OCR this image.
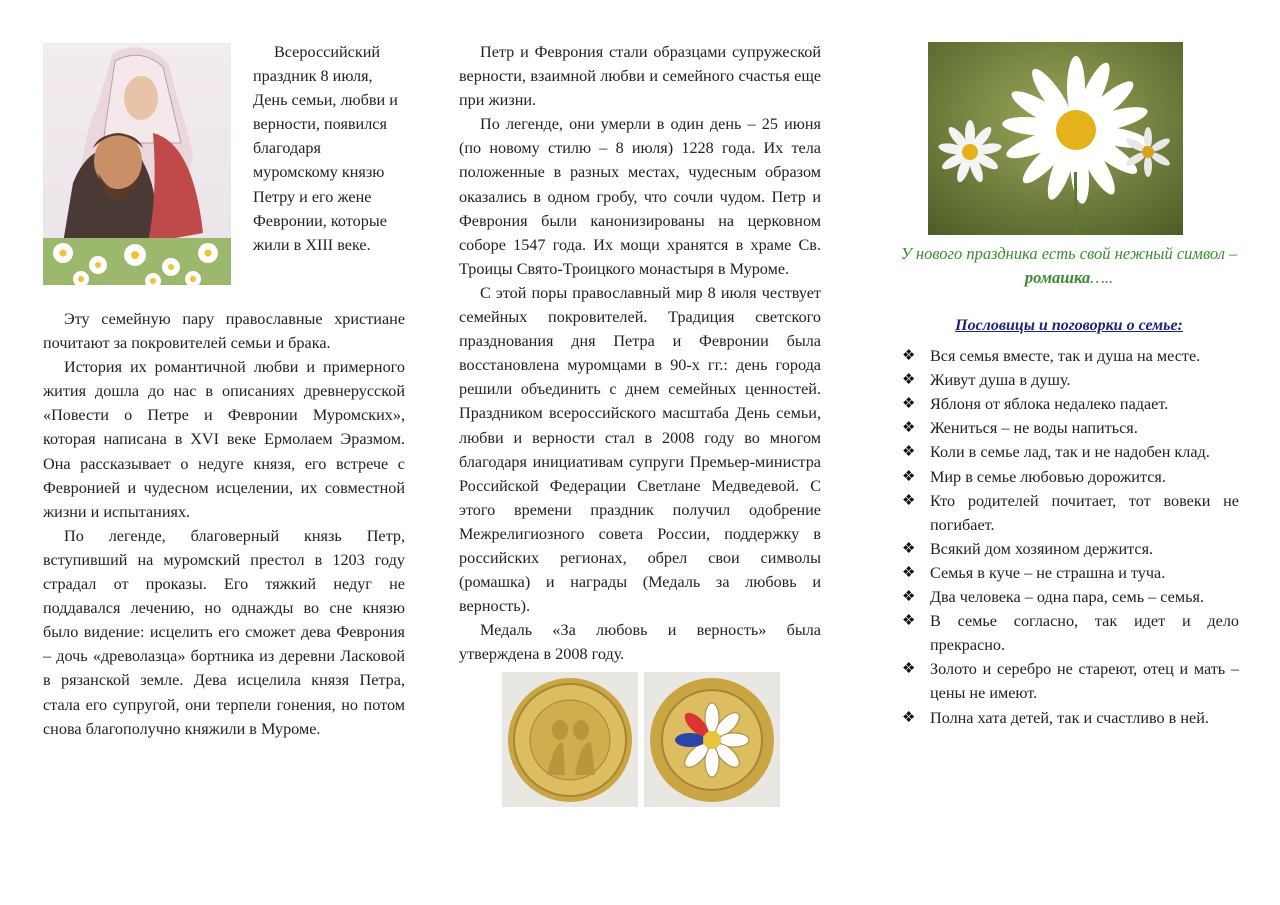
Всероссийский праздник 8 июля, День семьи, любви и верности, появился благодаря муромскому князю Петру и его жене Февронии, которые жили в XIII веке.

Эту семейную пару православные христиане почитают за покровителей семьи и брака.

История их романтичной любви и примерного жития дошла до нас в описаниях древнерусской «Повести о Петре и Февронии Муромских», которая написана в XVI веке Ермолаем Эразмом. Она рассказывает о недуге князя, его встрече с Февронией и чудесном исцелении, их совместной жизни и испытаниях.

По легенде, благоверный князь Петр, вступивший на муромский престол в 1203 году страдал от проказы. Его тяжкий недуг не поддавался лечению, но однажды во сне князю было видение: исцелить его сможет дева Феврония – дочь «древолазца» бортника из деревни Ласковой в рязанской земле. Дева исцелила князя Петра, стала его супругой, они терпели гонения, но потом снова благополучно княжили в Муроме.

Петр и Феврония стали образцами супружеской верности, взаимной любви и семейного счастья еще при жизни.

По легенде, они умерли в один день – 25 июня (по новому стилю – 8 июля) 1228 года. Их тела положенные в разных местах, чудесным образом оказались в одном гробу, что сочли чудом. Петр и Феврония были канонизированы на церковном соборе 1547 года. Их мощи хранятся в храме Св. Троицы Свято-Троицкого монастыря в Муроме.

С этой поры православный мир 8 июля чествует семейных покровителей. Традиция светского празднования дня Петра и Февронии была восстановлена муромцами в 90-х гг.: день города решили объединить с днем семейных ценностей. Праздником всероссийского масштаба День семьи, любви и верности стал в 2008 году во многом благодаря инициативам супруги Премьер-министра Российской Федерации Светлане Медведевой. С этого времени праздник получил одобрение Межрелигиозного совета России, поддержку в российских регионах, обрел свои символы (ромашка) и награды (Медаль за любовь и верность).

Медаль «За любовь и верность» была утверждена в 2008 году.

У нового праздника есть свой нежный символ – ромашка…..
Пословицы и поговорки о семье:
❖ Вся семья вместе, так и душа на месте.
❖ Живут душа в душу.
❖ Яблоня от яблока недалеко падает.
❖ Жениться – не воды напиться.
❖ Коли в семье лад, так и не надобен клад.
❖ Мир в семье любовью дорожится.
❖ Кто родителей почитает, тот вовеки не погибает.
❖ Всякий дом хозяином держится.
❖ Семья в куче – не страшна и туча.
❖ Два человека – одна пара, семь – семья.
❖ В семье согласно, так идет и дело прекрасно.
❖ Золото и серебро не стареют, отец и мать – цены не имеют.
❖ Полна хата детей, так и счастливо в ней.
